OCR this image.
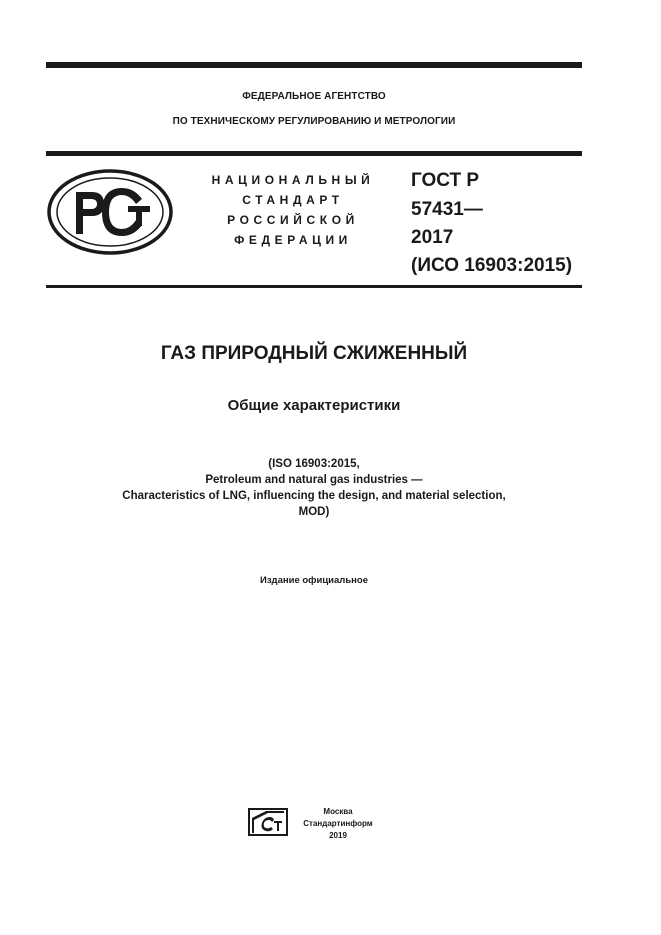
ФЕДЕРАЛЬНОЕ АГЕНТСТВО
ПО ТЕХНИЧЕСКОМУ РЕГУЛИРОВАНИЮ И МЕТРОЛОГИИ
НАЦИОНАЛЬНЫЙ
СТАНДАРТ
РОССИЙСКОЙ
ФЕДЕРАЦИИ
ГОСТ Р
57431—
2017
(ИСО 16903:2015)
ГАЗ ПРИРОДНЫЙ СЖИЖЕННЫЙ
Общие характеристики
(ISO 16903:2015,
Petroleum and natural gas industries —
Characteristics of LNG, influencing the design, and material selection,
MOD)
Издание официальное
Москва
Стандартинформ
2019
